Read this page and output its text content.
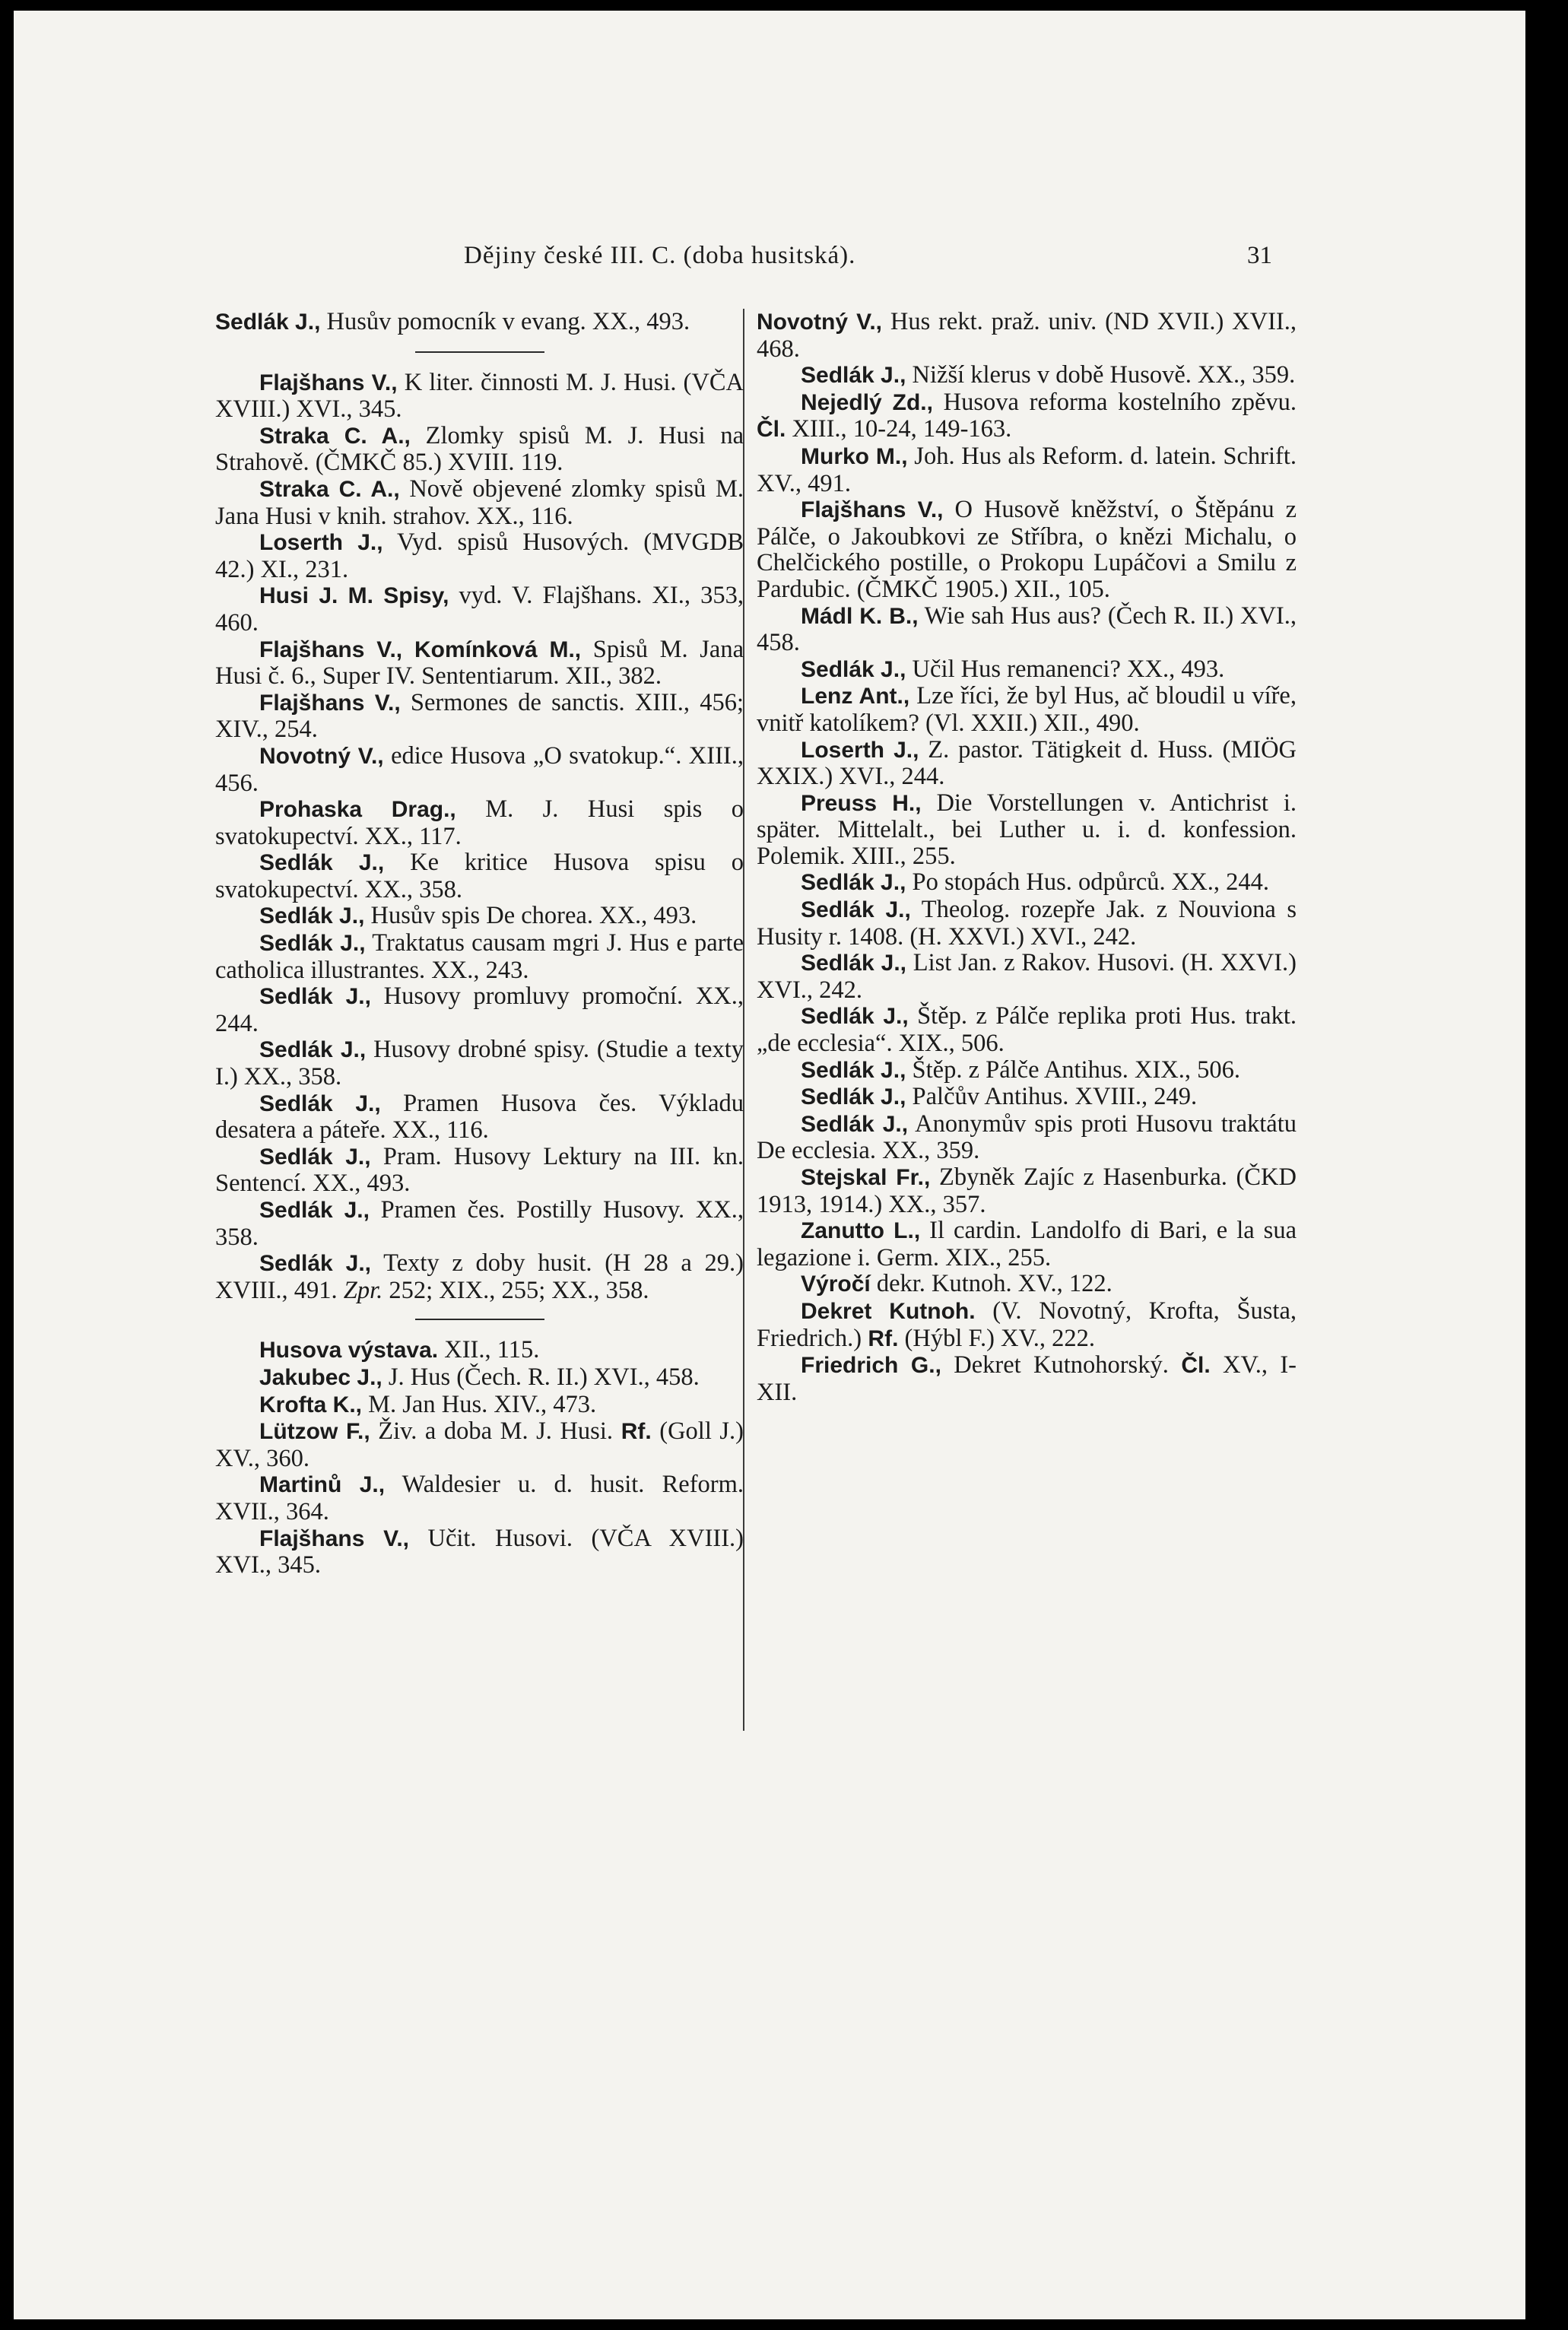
Dějiny české III. C. (doba husitská).	31

Sedlák J., Husův pomocník v evang. XX., 493.

Flajšhans V., K liter. činnosti M. J. Husi. (VČA XVIII.) XVI., 345.

Straka C. A., Zlomky spisů M. J. Husi na Strahově. (ČMKČ 85.) XVIII. 119.

Straka C. A., Nově objevené zlomky spisů M. Jana Husi v knih. strahov. XX., 116.

Loserth J., Vyd. spisů Husových. (MVGDB 42.) XI., 231.

Husi J. M. Spisy, vyd. V. Flajšhans. XI., 353, 460.

Flajšhans V., Komínková M., Spisů M. Jana Husi č. 6., Super IV. Sententiarum. XII., 382.

Flajšhans V., Sermones de sanctis. XIII., 456; XIV., 254.

Novotný V., edice Husova „O svatokup.“. XIII., 456.

Prohaska Drag., M. J. Husi spis o svatokupectví. XX., 117.

Sedlák J., Ke kritice Husova spisu o svatokupectví. XX., 358.

Sedlák J., Husův spis De chorea. XX., 493.

Sedlák J., Traktatus causam mgri J. Hus e parte catholica illustrantes. XX., 243.

Sedlák J., Husovy promluvy promoční. XX., 244.

Sedlák J., Husovy drobné spisy. (Studie a texty I.) XX., 358.

Sedlák J., Pramen Husova čes. Výkladu desatera a páteře. XX., 116.

Sedlák J., Pram. Husovy Lektury na III. kn. Sentencí. XX., 493.

Sedlák J., Pramen čes. Postilly Husovy. XX., 358.

Sedlák J., Texty z doby husit. (H 28 a 29.) XVIII., 491. Zpr. 252; XIX., 255; XX., 358.

Husova výstava. XII., 115.

Jakubec J., J. Hus (Čech. R. II.) XVI., 458.

Krofta K., M. Jan Hus. XIV., 473.

Lützow F., Živ. a doba M. J. Husi. Rf. (Goll J.) XV., 360.

Martinů J., Waldesier u. d. husit. Reform. XVII., 364.

Flajšhans V., Učit. Husovi. (VČA XVIII.) XVI., 345.

Novotný V., Hus rekt. praž. univ. (ND XVII.) XVII., 468.

Sedlák J., Nižší klerus v době Husově. XX., 359.

Nejedlý Zd., Husova reforma kostelního zpěvu. Čl. XIII., 10-24, 149-163.

Murko M., Joh. Hus als Reform. d. latein. Schrift. XV., 491.

Flajšhans V., O Husově kněžství, o Štěpánu z Pálče, o Jakoubkovi ze Stříbra, o knězi Michalu, o Chelčického postille, o Prokopu Lupáčovi a Smilu z Pardubic. (ČMKČ 1905.) XII., 105.

Mádl K. B., Wie sah Hus aus? (Čech R. II.) XVI., 458.

Sedlák J., Učil Hus remanenci? XX., 493.

Lenz Ant., Lze říci, že byl Hus, ač bloudil u víře, vnitř katolíkem? (Vl. XXII.) XII., 490.

Loserth J., Z. pastor. Tätigkeit d. Huss. (MIÖG XXIX.) XVI., 244.

Preuss H., Die Vorstellungen v. Antichrist i. später. Mittelalt., bei Luther u. i. d. konfession. Polemik. XIII., 255.

Sedlák J., Po stopách Hus. odpůrců. XX., 244.

Sedlák J., Theolog. rozepře Jak. z Nouviona s Husity r. 1408. (H. XXVI.) XVI., 242.

Sedlák J., List Jan. z Rakov. Husovi. (H. XXVI.) XVI., 242.

Sedlák J., Štěp. z Pálče replika proti Hus. trakt. „de ecclesia“. XIX., 506.

Sedlák J., Štěp. z Pálče Antihus. XIX., 506.

Sedlák J., Palčův Antihus. XVIII., 249.

Sedlák J., Anonymův spis proti Husovu traktátu De ecclesia. XX., 359.

Stejskal Fr., Zbyněk Zajíc z Hasenburka. (ČKD 1913, 1914.) XX., 357.

Zanutto L., Il cardin. Landolfo di Bari, e la sua legazione i. Germ. XIX., 255.

Výročí dekr. Kutnoh. XV., 122.

Dekret Kutnoh. (V. Novotný, Krofta, Šusta, Friedrich.) Rf. (Hýbl F.) XV., 222.

Friedrich G., Dekret Kutnohorský. Čl. XV., I-XII.
